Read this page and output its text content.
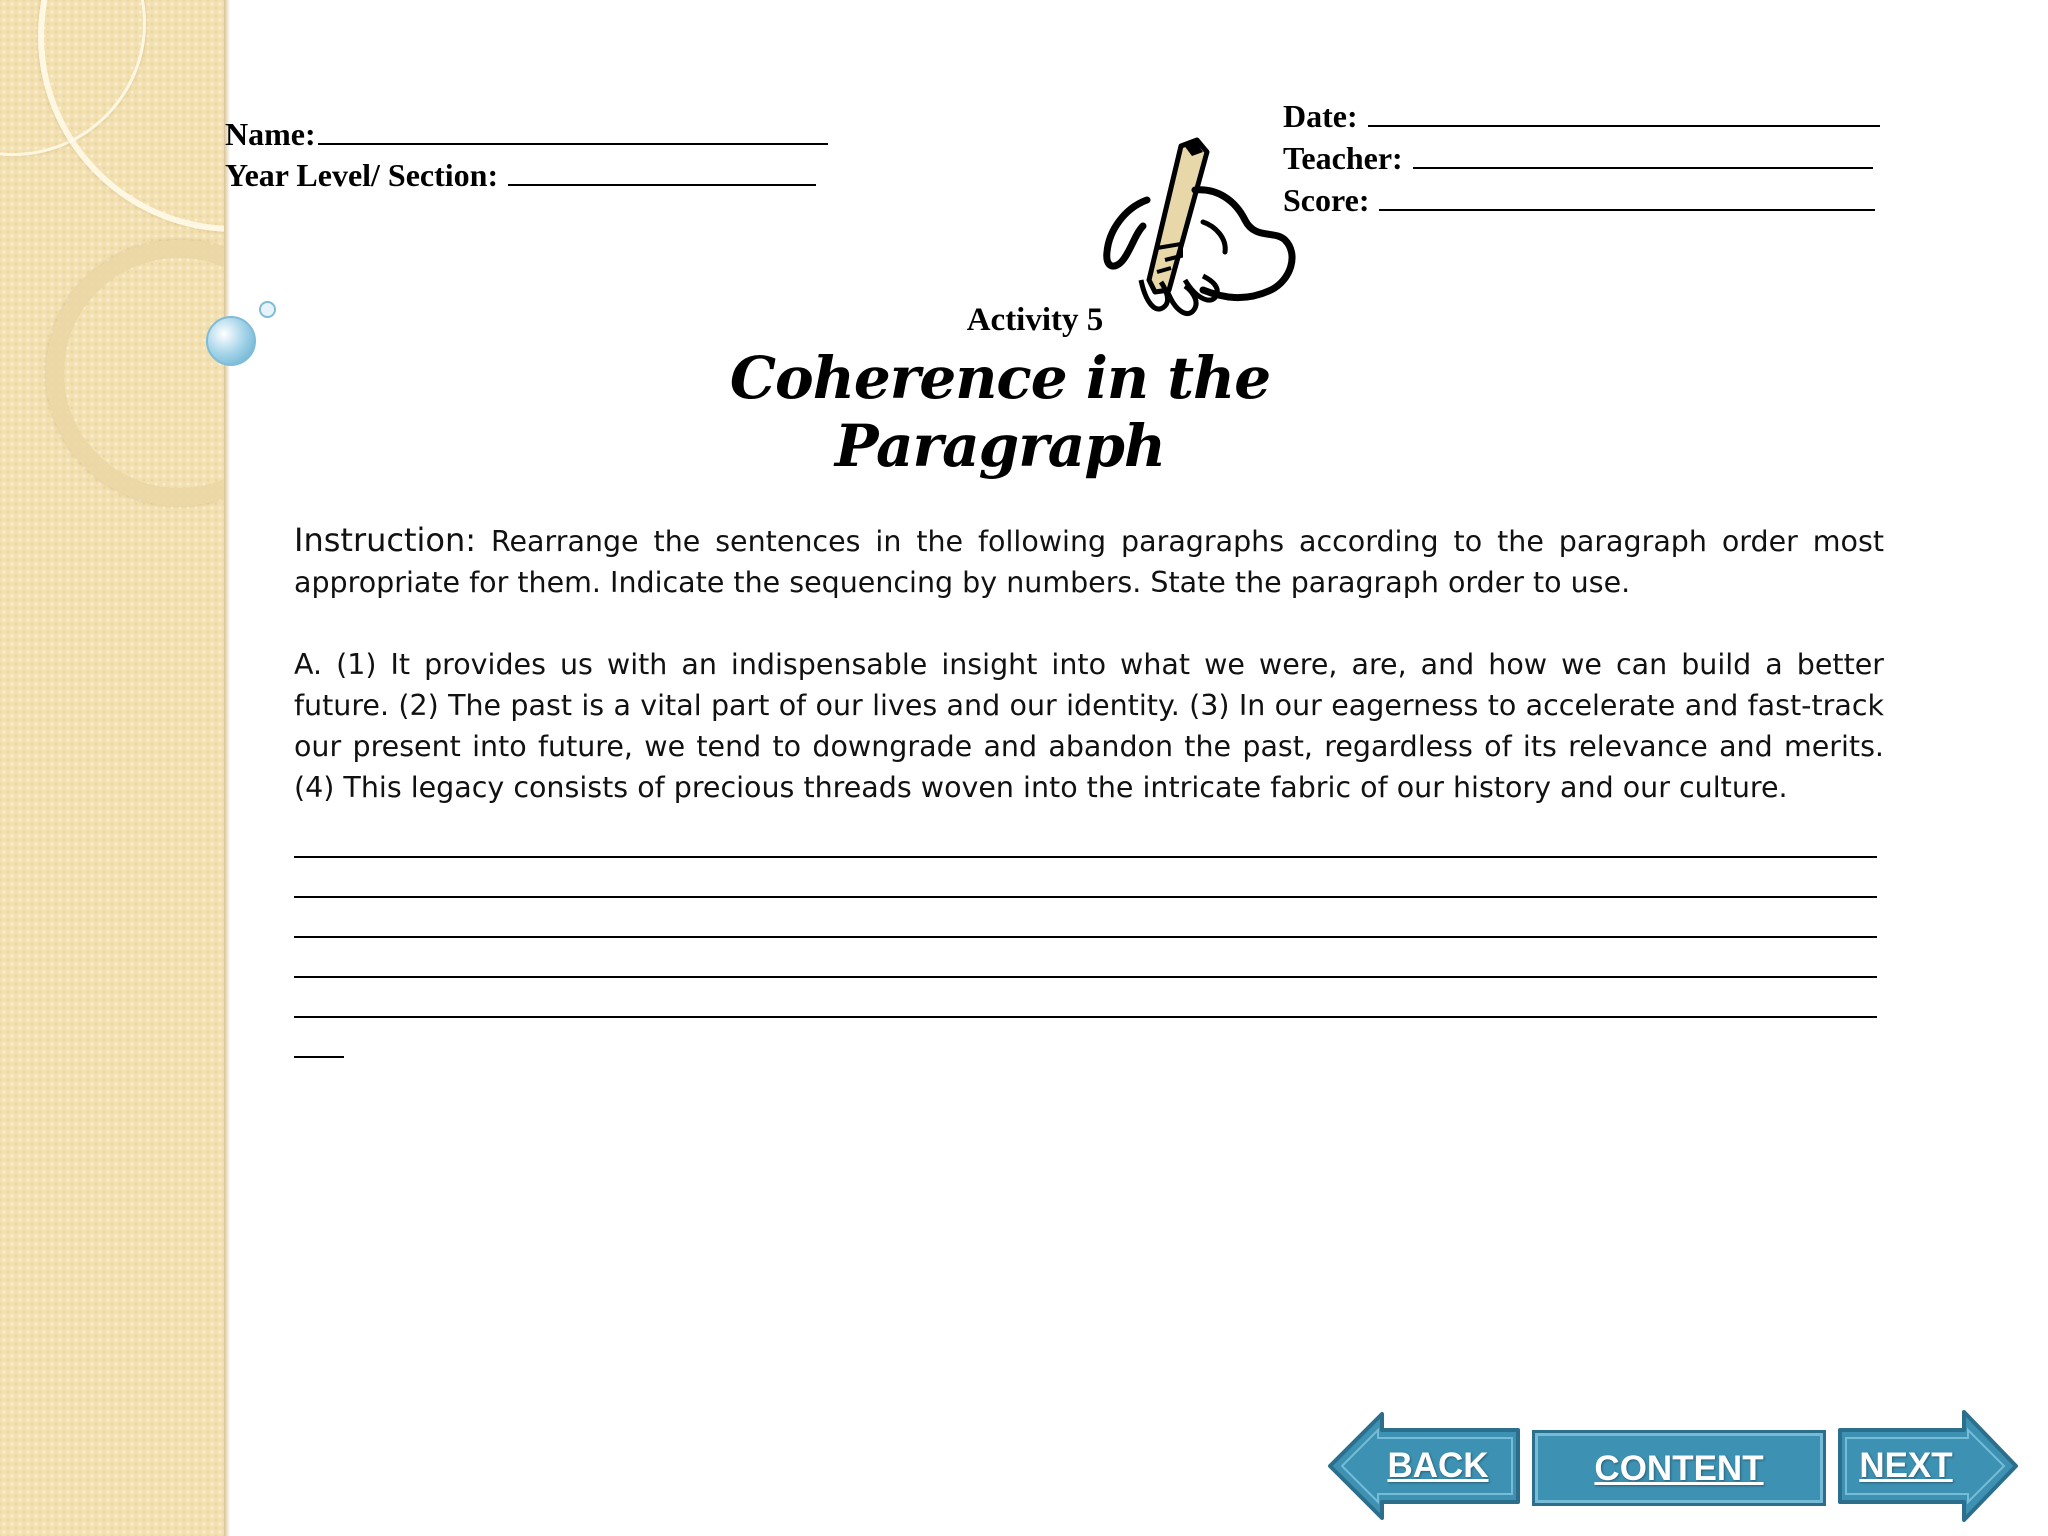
Name:
Year Level/ Section:
Date:
Teacher:
Score:
Activity 5
Coherence in the Paragraph
Instruction: Rearrange the sentences in the following paragraphs according to the paragraph order most appropriate for them. Indicate the sequencing by numbers. State the paragraph order to use.
A. (1) It provides us with an indispensable insight into what we were, are, and how we can build a better future. (2) The past is a vital part of our lives and our identity. (3) In our eagerness to accelerate and fast-track our present into future, we tend to downgrade and abandon the past, regardless of its relevance and merits. (4) This legacy consists of precious threads woven into the intricate fabric of our history and our culture.
BACK	CONTENT	NEXT
